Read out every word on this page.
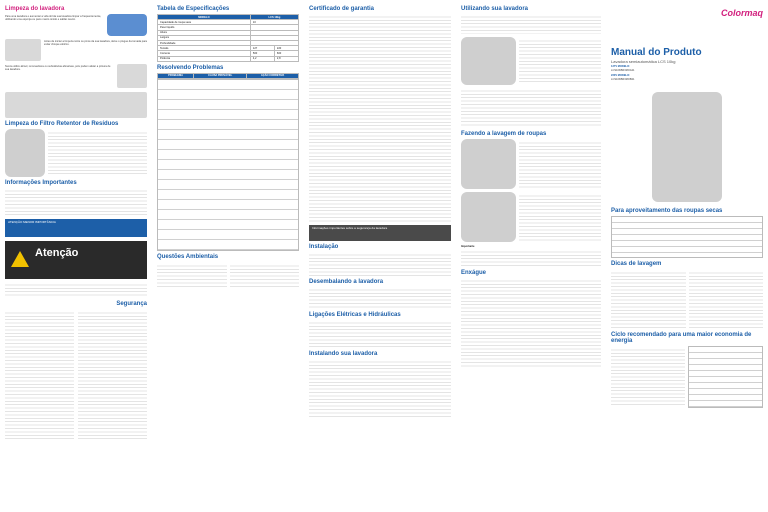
Limpeza do lavadora
Para uma lavadora e aumentar a vida útil da sua lavadora limpar a frequentemente, utilizando uma esponja ou pano macio úmido e sabão neutro.
Antes de iniciar a limpeza retire os pinos da sua lavadora, deixe o plugue da tomada para evitar choque elétrico.
Nunca utilize álcool, removedores ou substâncias abrasivas, pois podem afetar a pintura de sua lavadora.
Limpeza do Filtro Retentor de Resíduos
Informações Importantes
ATENÇÃO MENOR IMPORTÂNCIA
Atenção
Segurança
Tabela de Especificações
MODELO	LCS 10kg	
Capacidade de roupa seca	10	
Peso líquido		
Altura		
Largura		
Profundidade		
Tensão	127	220
Corrente	500	600
Potência	4,2	2,8
Resolvendo Problemas
PROBLEMA	CAUSA PROVÁVEL	AÇÃO CORRETIVA
Questões Ambientais
Certificado de garantia
Informações importantes sobre a segurança da lavadora
Instalação
Desembalando a lavadora
Ligações Elétricas e Hidráulicas
Instalando sua lavadora
Utilizando sua lavadora
Fazendo a lavagem de roupas
Importante
Enxágue
Colormaq
Manual do Produto
Lavadora semiautomática LCS 10kg
127V MODELO:
LCS10KBR3MOA21
220V MODELO:
LCS10KBR3MOB21
Para aproveitamento das roupas secas
Dicas de lavagem
Ciclo recomendado para uma maior economia de energia
